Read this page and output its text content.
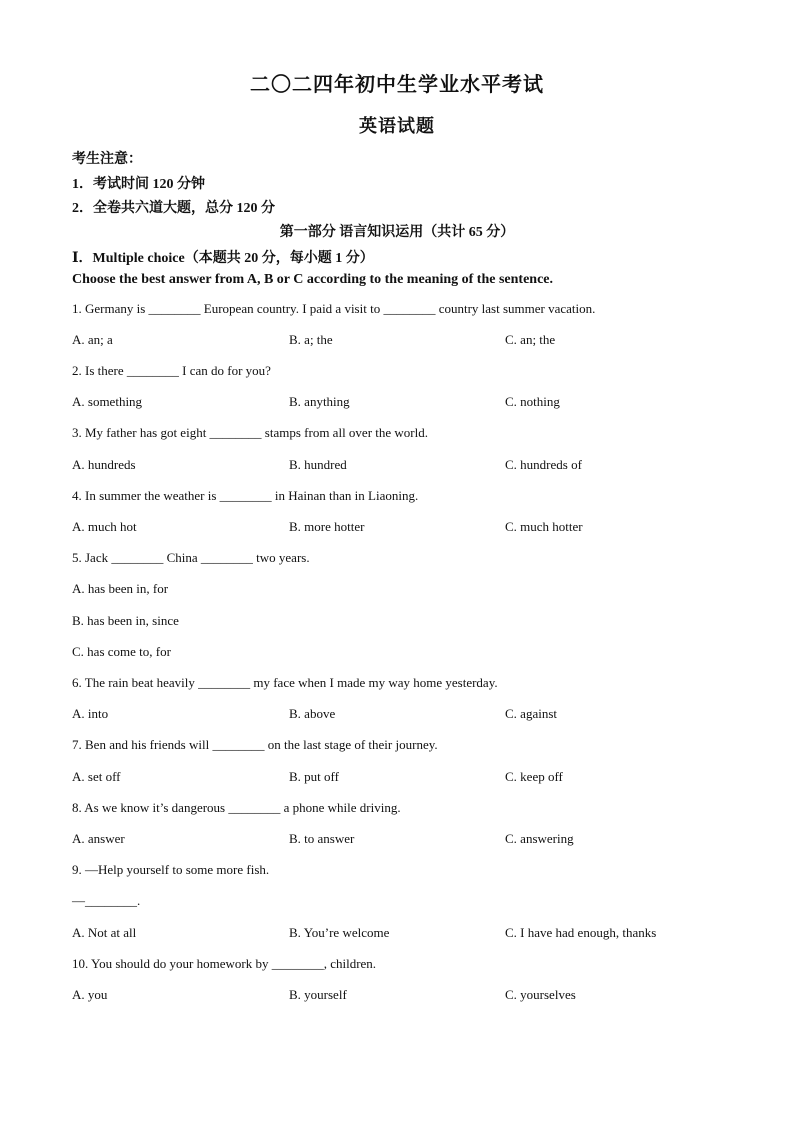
二〇二四年初中生学业水平考试
英语试题
考生注意：
1．考试时间 120 分钟
2．全卷共六道大题，总分 120 分
第一部分 语言知识运用（共计 65 分）
Ⅰ．Multiple choice（本题共 20 分，每小题 1 分）
Choose the best answer from A, B or C according to the meaning of the sentence.
1. Germany is ________ European country. I paid a visit to ________ country last summer vacation.
A. an; a	B. a; the	C. an; the
2. Is there ________ I can do for you?
A. something	B. anything	C. nothing
3. My father has got eight ________ stamps from all over the world.
A. hundreds	B. hundred	C. hundreds of
4. In summer the weather is ________ in Hainan than in Liaoning.
A. much hot	B. more hotter	C. much hotter
5. Jack ________ China ________ two years.
A. has been in, for
B. has been in, since
C. has come to, for
6. The rain beat heavily ________ my face when I made my way home yesterday.
A. into	B. above	C. against
7. Ben and his friends will ________ on the last stage of their journey.
A. set off	B. put off	C. keep off
8. As we know it’s dangerous ________ a phone while driving.
A. answer	B. to answer	C. answering
9. —Help yourself to some more fish.
—________.
A. Not at all	B. You’re welcome	C. I have had enough, thanks
10. You should do your homework by ________, children.
A. you	B. yourself	C. yourselves
